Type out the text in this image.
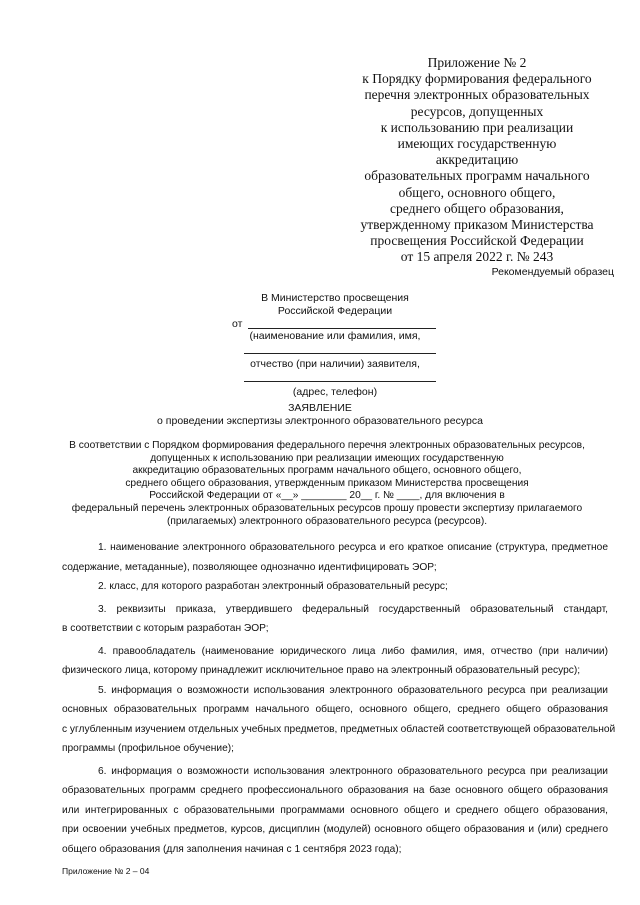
Приложение № 2
к Порядку формирования федерального
перечня электронных образовательных
ресурсов, допущенных
к использованию при реализации
имеющих государственную
аккредитацию
образовательных программ начального
общего, основного общего,
среднего общего образования,
утвержденному приказом Министерства
просвещения Российской Федерации
от 15 апреля 2022 г. № 243
Рекомендуемый образец
В Министерство просвещения
Российской Федерации
от
(наименование или фамилия, имя,
отчество (при наличии) заявителя,
(адрес, телефон)
ЗАЯВЛЕНИЕ
о проведении экспертизы электронного образовательного ресурса
В соответствии с Порядком формирования федерального перечня электронных образовательных ресурсов,
допущенных к использованию при реализации имеющих государственную
аккредитацию образовательных программ начального общего, основного общего,
среднего общего образования, утвержденным приказом Министерства просвещения
Российской Федерации от «__» ________ 20__ г. № ____, для включения в
федеральный перечень электронных образовательных ресурсов прошу провести экспертизу прилагаемого
(прилагаемых) электронного образовательного ресурса (ресурсов).
1. наименование электронного образовательного ресурса и его краткое описание (структура, предметное
содержание, метаданные), позволяющее однозначно идентифицировать ЭОР;
2. класс, для которого разработан электронный образовательный ресурс;
3. реквизиты приказа, утвердившего федеральный государственный образовательный стандарт,
в соответствии с которым разработан ЭОР;
4. правообладатель (наименование юридического лица либо фамилия, имя, отчество (при наличии)
физического лица, которому принадлежит исключительное право на электронный образовательный ресурс);
5. информация о возможности использования электронного образовательного ресурса при реализации
основных образовательных программ начального общего, основного общего, среднего общего образования
с углубленным изучением отдельных учебных предметов, предметных областей соответствующей образовательной
программы (профильное обучение);
6. информация о возможности использования электронного образовательного ресурса при реализации
образовательных программ среднего профессионального образования на базе основного общего образования
или интегрированных с образовательными программами основного общего и среднего общего образования,
при освоении учебных предметов, курсов, дисциплин (модулей) основного общего образования и (или) среднего
общего образования (для заполнения начиная с 1 сентября 2023 года);
Приложение № 2 – 04
